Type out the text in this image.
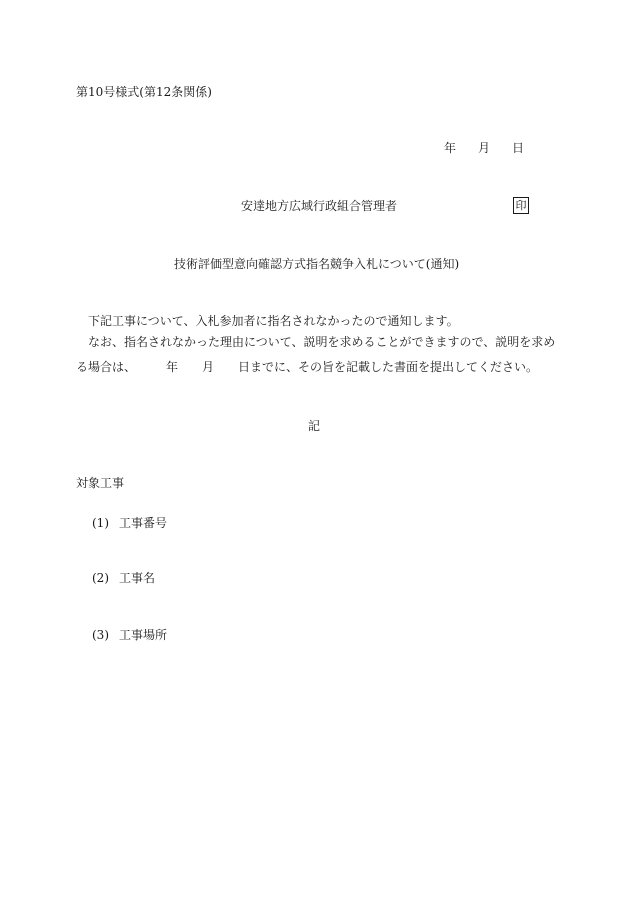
第10号様式(第12条関係)
年 月 日
安達地方広域行政組合管理者	印
技術評価型意向確認方式指名競争入札について(通知)
下記工事について、入札参加者に指名されなかったので通知します。
なお、指名されなかった理由について、説明を求めることができますので、説明を求め
る場合は、	年 月 日までに、その旨を記載した書面を提出してください。
記
対象工事
(1) 工事番号
(2) 工事名
(3) 工事場所
